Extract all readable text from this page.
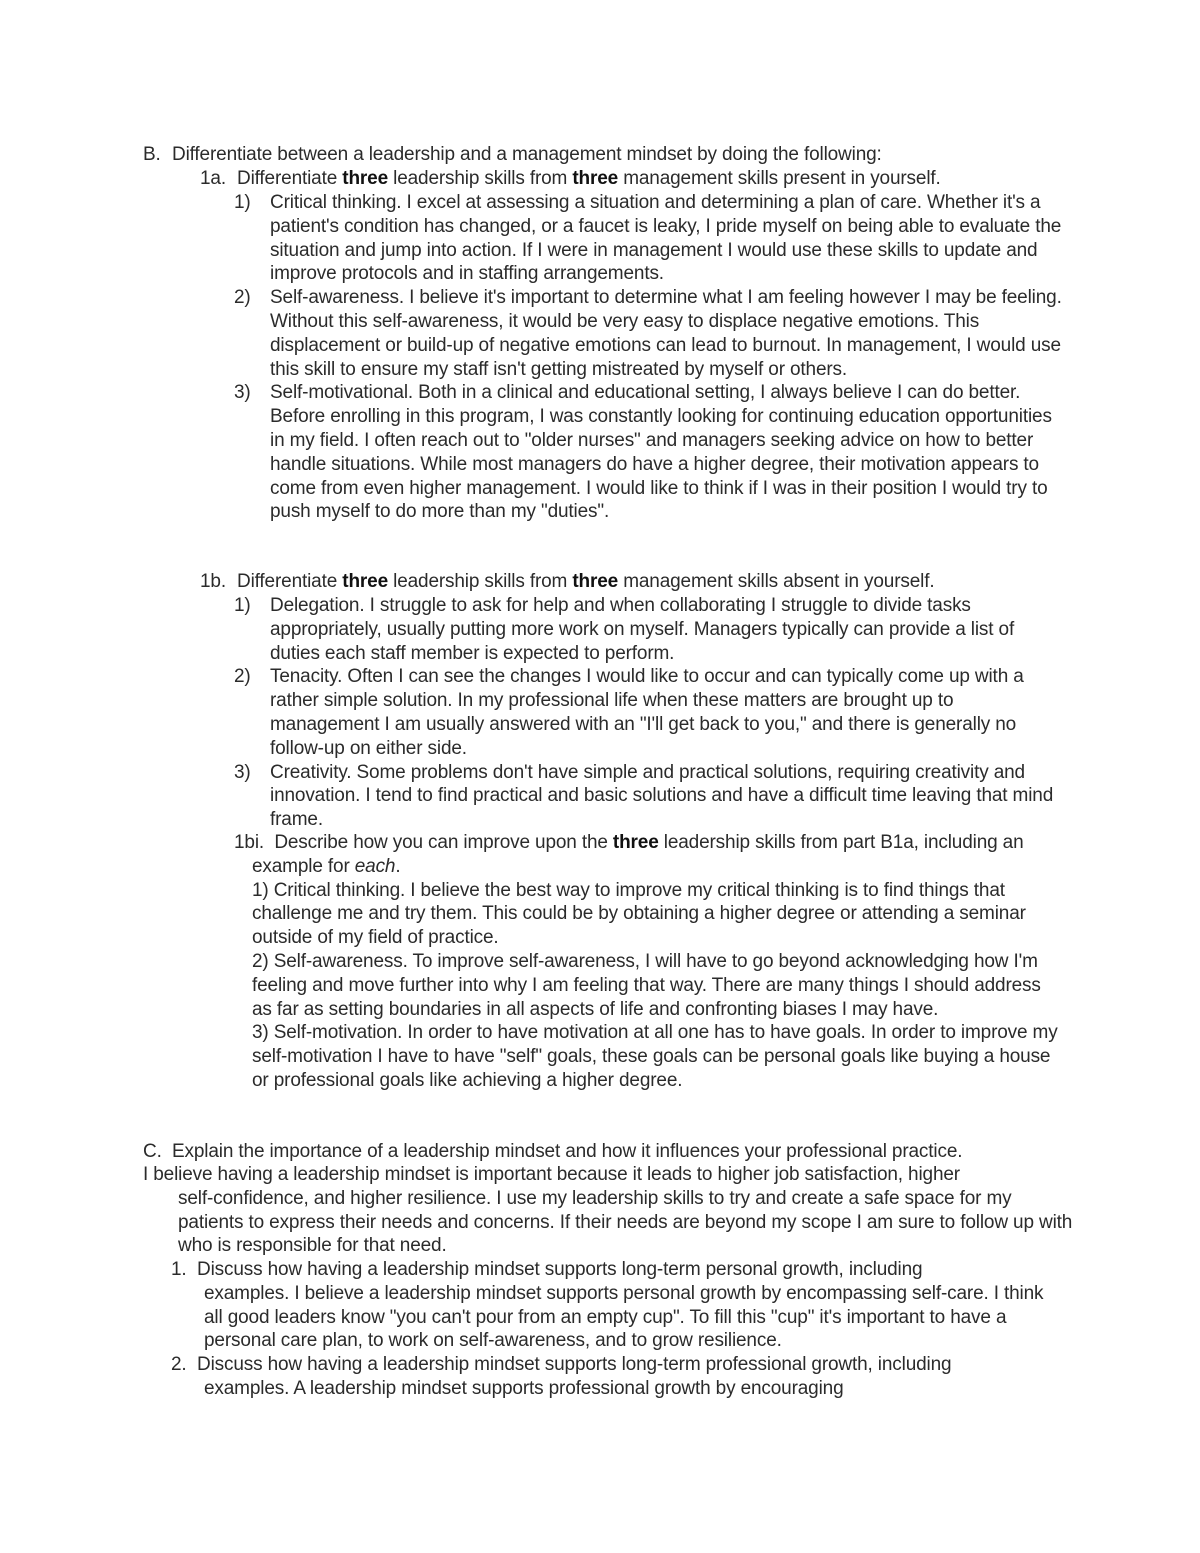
B. Differentiate between a leadership and a management mindset by doing the following:
1a. Differentiate three leadership skills from three management skills present in yourself.
1)	Critical thinking. I excel at assessing a situation and determining a plan of care. Whether it's a patient's condition has changed, or a faucet is leaky, I pride myself on being able to evaluate the situation and jump into action. If I were in management I would use these skills to update and improve protocols and in staffing arrangements.
2)	Self-awareness. I believe it's important to determine what I am feeling however I may be feeling. Without this self-awareness, it would be very easy to displace negative emotions. This displacement or build-up of negative emotions can lead to burnout. In management, I would use this skill to ensure my staff isn't getting mistreated by myself or others.
3)	Self-motivational. Both in a clinical and educational setting, I always believe I can do better. Before enrolling in this program, I was constantly looking for continuing education opportunities in my field. I often reach out to "older nurses" and managers seeking advice on how to better handle situations. While most managers do have a higher degree, their motivation appears to come from even higher management. I would like to think if I was in their position I would try to push myself to do more than my "duties".
1b. Differentiate three leadership skills from three management skills absent in yourself.
1)	Delegation. I struggle to ask for help and when collaborating I struggle to divide tasks appropriately, usually putting more work on myself. Managers typically can provide a list of duties each staff member is expected to perform.
2)	Tenacity. Often I can see the changes I would like to occur and can typically come up with a rather simple solution. In my professional life when these matters are brought up to management I am usually answered with an "I'll get back to you," and there is generally no follow-up on either side.
3)	Creativity. Some problems don't have simple and practical solutions, requiring creativity and innovation. I tend to find practical and basic solutions and have a difficult time leaving that mind frame.
1bi. Describe how you can improve upon the three leadership skills from part B1a, including an example for each.
1) Critical thinking. I believe the best way to improve my critical thinking is to find things that challenge me and try them. This could be by obtaining a higher degree or attending a seminar outside of my field of practice.
2) Self-awareness. To improve self-awareness, I will have to go beyond acknowledging how I'm feeling and move further into why I am feeling that way. There are many things I should address as far as setting boundaries in all aspects of life and confronting biases I may have.
3) Self-motivation. In order to have motivation at all one has to have goals. In order to improve my self-motivation I have to have "self" goals, these goals can be personal goals like buying a house or professional goals like achieving a higher degree.
C. Explain the importance of a leadership mindset and how it influences your professional practice.
I believe having a leadership mindset is important because it leads to higher job satisfaction, higher
self-confidence, and higher resilience. I use my leadership skills to try and create a safe space for my patients to express their needs and concerns. If their needs are beyond my scope I am sure to follow up with who is responsible for that need.
1. Discuss how having a leadership mindset supports long-term personal growth, including
examples. I believe a leadership mindset supports personal growth by encompassing self-care. I think all good leaders know "you can't pour from an empty cup". To fill this "cup" it's important to have a personal care plan, to work on self-awareness, and to grow resilience.
2. Discuss how having a leadership mindset supports long-term professional growth, including
examples. A leadership mindset supports professional growth by encouraging
